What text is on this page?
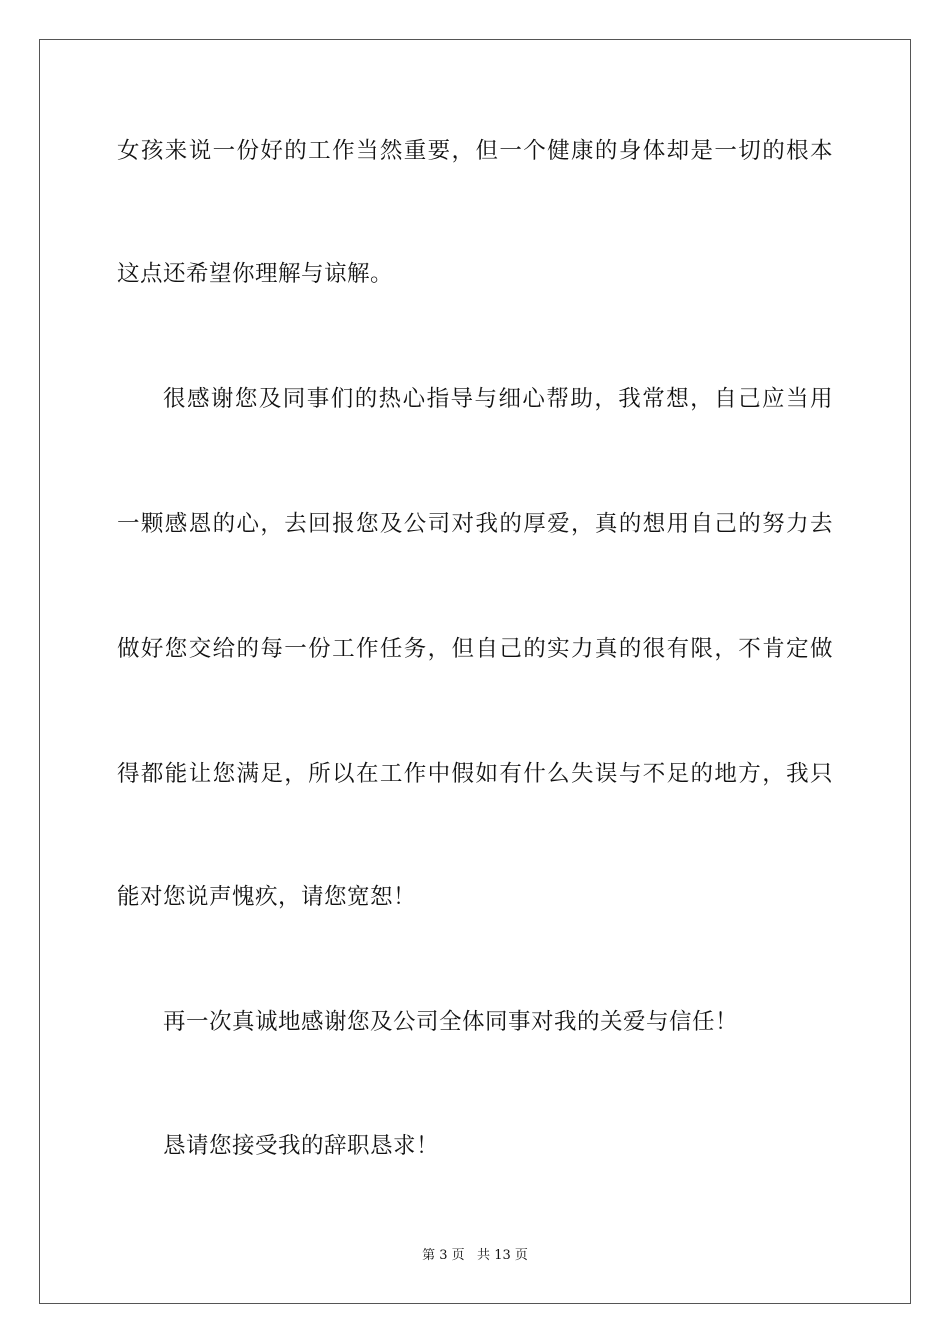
女孩来说一份好的工作当然重要，但一个健康的身体却是一切的根本
这点还希望你理解与谅解。
很感谢您及同事们的热心指导与细心帮助，我常想，自己应当用
一颗感恩的心，去回报您及公司对我的厚爱，真的想用自己的努力去
做好您交给的每一份工作任务，但自己的实力真的很有限，不肯定做
得都能让您满足，所以在工作中假如有什么失误与不足的地方，我只
能对您说声愧疚，请您宽恕！
再一次真诚地感谢您及公司全体同事对我的关爱与信任！
恳请您接受我的辞职恳求！
第 3 页   共 13 页
